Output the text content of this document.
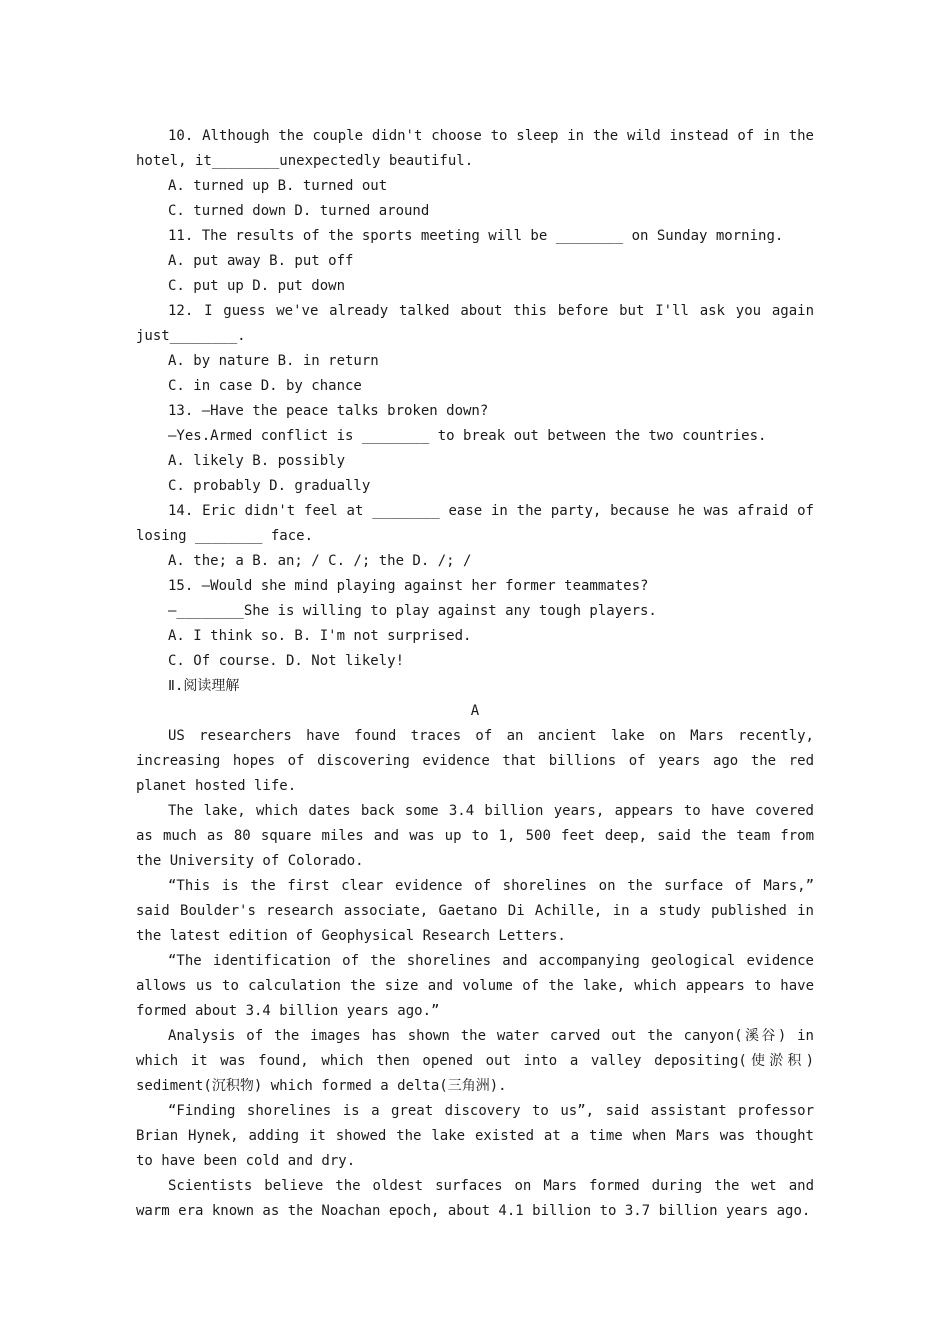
10. Although the couple didn't choose to sleep in the wild instead of in the hotel, it________unexpectedly beautiful.

A. turned up B. turned out

C. turned down D. turned around

11. The results of the sports meeting will be ________ on Sunday morning.

A. put away B. put off

C. put up D. put down

12. I guess we've already talked about this before but I'll ask you again just________.

A. by nature B. in return

C. in case D. by chance

13. —Have the peace talks broken down?

—Yes.Armed conflict is ________ to break out between the two countries.

A. likely B. possibly

C. probably D. gradually

14. Eric didn't feel at ________ ease in the party, because he was afraid of losing ________ face.

A. the; a B. an; / C. /; the D. /; /

15. —Would she mind playing against her former teammates?

—________She is willing to play against any tough players.

A. I think so. B. I'm not surprised.

C. Of course. D. Not likely!

Ⅱ.阅读理解

A

US researchers have found traces of an ancient lake on Mars recently, increasing hopes of discovering evidence that billions of years ago the red planet hosted life.

The lake, which dates back some 3.4 billion years, appears to have covered as much as 80 square miles and was up to 1, 500 feet deep, said the team from the University of Colorado.

“This is the first clear evidence of shorelines on the surface of Mars,” said Boulder's research associate, Gaetano Di Achille, in a study published in the latest edition of Geophysical Research Letters.

“The identification of the shorelines and accompanying geological evidence allows us to calculation the size and volume of the lake, which appears to have formed about 3.4 billion years ago.”

Analysis of the images has shown the water carved out the canyon(溪谷) in which it was found, which then opened out into a valley depositing(使淤积) sediment(沉积物) which formed a delta(三角洲).

“Finding shorelines is a great discovery to us”, said assistant professor Brian Hynek, adding it showed the lake existed at a time when Mars was thought to have been cold and dry.

Scientists believe the oldest surfaces on Mars formed during the wet and warm era known as the Noachan epoch, about 4.1 billion to 3.7 billion years ago.
